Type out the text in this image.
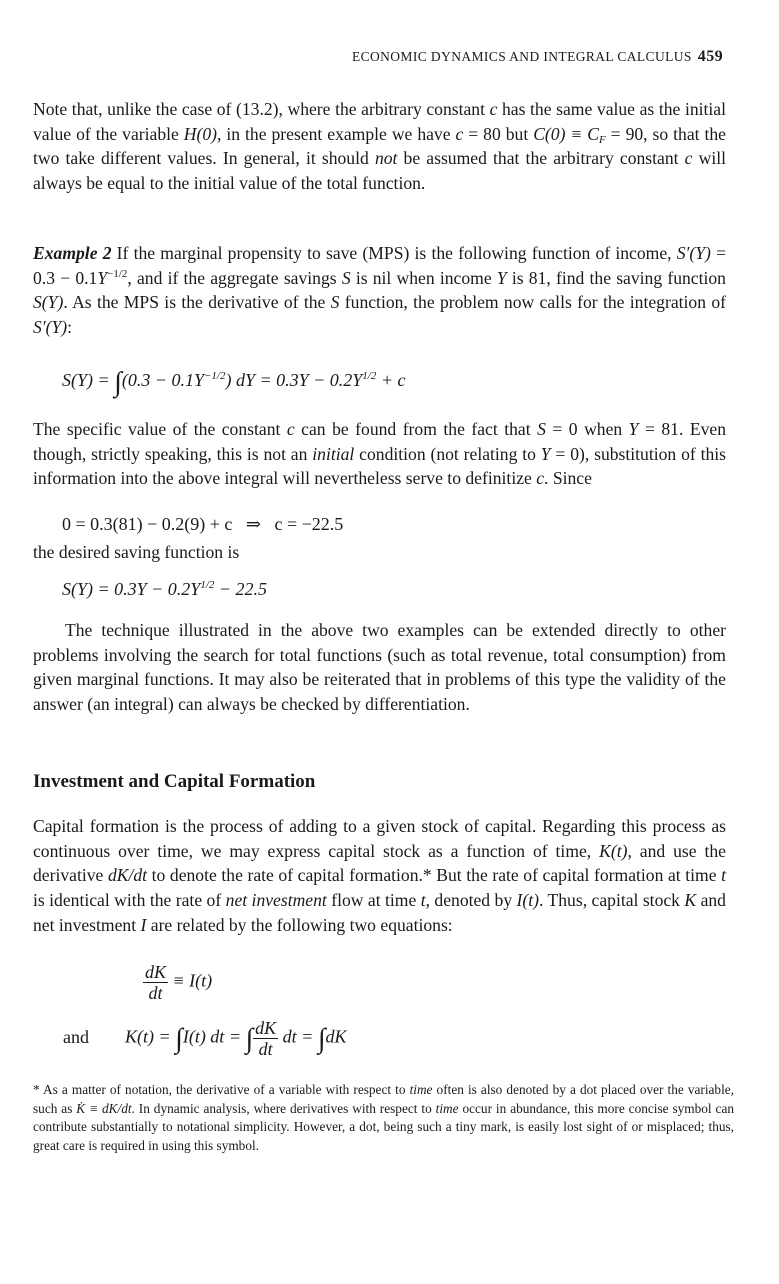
ECONOMIC DYNAMICS AND INTEGRAL CALCULUS 459

Note that, unlike the case of (13.2), where the arbitrary constant c has the same value as the initial value of the variable H(0), in the present example we have c = 80 but $C(0) \equiv C_F = 90$, so that the two take different values. In general, it should not be assumed that the arbitrary constant c will always be equal to the initial value of the total function.

Example 2 If the marginal propensity to save (MPS) is the following function of income, $S'(Y) = 0.3 - 0.1Y^{-1/2}$, and if the aggregate savings S is nil when income Y is 81, find the saving function S(Y). As the MPS is the derivative of the S function, the problem now calls for the integration of S′(Y):

$S(Y) = \int(0.3 - 0.1Y^{-1/2})$ dY = $0.3Y - 0.2Y^{1/2} + c$

The specific value of the constant c can be found from the fact that S = 0 when Y = 81. Even though, strictly speaking, this is not an initial condition (not relating to Y = 0), substitution of this information into the above integral will nevertheless serve to definitize c. Since

0 = 0.3(81) − 0.2(9) + c   ⇒   c = −22.5

the desired saving function is

$S(Y) = 0.3Y - 0.2Y^{1/2} - 22.5$

The technique illustrated in the above two examples can be extended directly to other problems involving the search for total functions (such as total revenue, total consumption) from given marginal functions. It may also be reiterated that in problems of this type the validity of the answer (an integral) can always be checked by differentiation.

Investment and Capital Formation

Capital formation is the process of adding to a given stock of capital. Regarding this process as continuous over time, we may express capital stock as a function of time, K(t), and use the derivative dK/dt to denote the rate of capital formation.* But the rate of capital formation at time t is identical with the rate of net investment flow at time t, denoted by I(t). Thus, capital stock K and net investment I are related by the following two equations:

$\frac{dK}{dt} \equiv I(t)$
and K(t) = ∫I(t) dt = ∫ $\frac{dK}{dt}$ dt = ∫dK

* As a matter of notation, the derivative of a variable with respect to time often is also denoted by a dot placed over the variable, such as K̇ ≡ dK/dt. In dynamic analysis, where derivatives with respect to time occur in abundance, this more concise symbol can contribute substantially to notational simplicity. However, a dot, being such a tiny mark, is easily lost sight of or misplaced; thus, great care is required in using this symbol.
